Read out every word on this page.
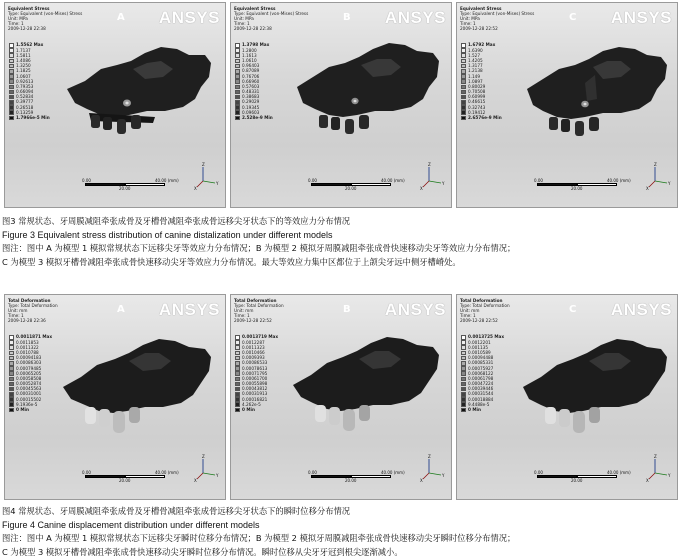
Equivalent Stress
Type: Equivalent (von-Mises) Stress
Unit: MPa
Time: 1
2009-12-28 22:38
A ANSYS
1.5562 Max
1.7137
1.5811
1.4086
1.3250
1.1825
1.0607
0.92613
0.79353
0.66094
0.52834
0.39777
0.26518
0.13259
1.7966e-5 Min
Z
Y
X
0.00	40.00 (mm)
20.00
Equivalent Stress
Type: Equivalent (von-Mises) Stress
Unit: MPa
Time: 1
2009-12-28 22:38
B ANSYS
1.3798 Max
1.2800
1.1613
1.0610
0.96403
0.87089
0.76706
0.66960
0.57603
0.48331
0.38683
0.29029
0.19345
0.09603
2.528e-9 Min
Z
Y
X
0.00	40.00 (mm)
20.00
Equivalent Stress
Type: Equivalent (von-Mises) Stress
Unit: MPa
Time: 1
2009-12-28 22:52
C ANSYS
1.6792 Max
1.6390
1.527
1.4205
1.3177
1.2138
1.149
1.0897
0.80029
0.70508
0.60999
0.46615
0.32743
0.19412
2.6576e-9 Min
Z
Y
X
0.00	40.00 (mm)
20.00
图3 常规状态、牙周膜减阻牵张成骨及牙槽骨减阻牵张成骨远移尖牙状态下的等效应力分布情况
Figure 3 Equivalent stress distribution of canine distalization under different models
图注：图中 A 为模型 1 模拟常规状态下远移尖牙等效应力分布情况；B 为模型 2 模拟牙周膜减阻牵张成骨快速移动尖牙等效应力分布情况；
C 为模型 3 模拟牙槽骨减阻牵张成骨快速移动尖牙等效应力分布情况。最大等效应力集中区都位于上颌尖牙远中侧牙槽嵴处。
Total Deformation
Type: Total Deformation
Unit: mm
Time: 1
2009-12-28 22:36
A ANSYS
0.0011871 Max
0.0011853
0.0011322
0.0010788
0.00094183
0.00086303
0.00079485
0.00065205
0.00058508
0.00052874
0.00045563
0.00031001
0.00015502
9.1936e-5
0 Min
Z
Y
X
0.00	40.00 (mm)
20.00
Total Deformation
Type: Total Deformation
Unit: mm
Time: 1
2009-12-28 22:52
B ANSYS
0.0013719 Max
0.0012287
0.0011323
0.0010466
0.0009393
0.00086533
0.00078613
0.00071795
0.00061700
0.00055898
0.00043812
0.00031913
0.00016821
4.262e-5
0 Min
Z
Y
X
0.00	40.00 (mm)
20.00
Total Deformation
Type: Total Deformation
Unit: mm
Time: 1
2009-12-28 22:52
C ANSYS
0.0013725 Max
0.0012201
0.001135
0.0010589
0.00094488
0.00085331
0.00075927
0.00068122
0.00061798
0.00047224
0.00039446
0.00031544
0.00018884
9.4488e-5
0 Min
Z
Y
X
0.00	40.00 (mm)
20.00
图4 常规状态、牙周膜减阻牵张成骨及牙槽骨减阻牵张成骨远移尖牙状态下的瞬时位移分布情况
Figure 4 Canine displacement distribution under different models
图注：图中 A 为模型 1 模拟常规状态下远移尖牙瞬时位移分布情况；B 为模型 2 模拟牙周膜减阻牵张成骨快速移动尖牙瞬时位移分布情况；
C 为模型 3 模拟牙槽骨减阻牵张成骨快速移动尖牙瞬时位移分布情况。瞬时位移从尖牙牙冠到根尖逐渐减小。
